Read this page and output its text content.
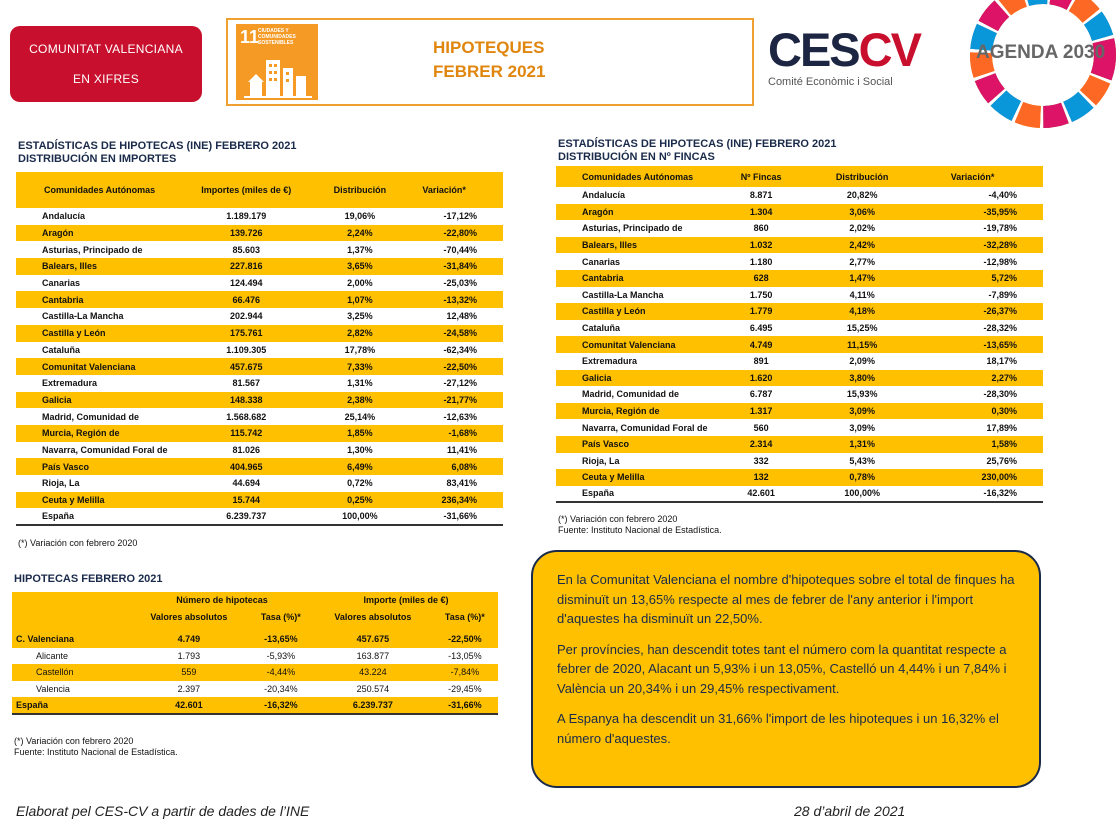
COMUNITAT VALENCIANA
EN XIFRES
11
CIUDADES Y COMUNIDADES SOSTENIBLES	HIPOTEQUES
FEBRER 2021	CESCV
Comité Econòmic i Social
AGENDA 2030
ESTADÍSTICAS DE HIPOTECAS (INE) FEBRERO 2021
DISTRIBUCIÓN EN IMPORTES
Comunidades Autónomas	Importes (miles de €)	Distribución	Variación*
Andalucía	1.189.179	19,06%	-17,12%
Aragón	139.726	2,24%	-22,80%
Asturias, Principado de	85.603	1,37%	-70,44%
Balears, Illes	227.816	3,65%	-31,84%
Canarias	124.494	2,00%	-25,03%
Cantabria	66.476	1,07%	-13,32%
Castilla-La Mancha	202.944	3,25%	12,48%
Castilla y León	175.761	2,82%	-24,58%
Cataluña	1.109.305	17,78%	-62,34%
Comunitat Valenciana	457.675	7,33%	-22,50%
Extremadura	81.567	1,31%	-27,12%
Galicia	148.338	2,38%	-21,77%
Madrid, Comunidad de	1.568.682	25,14%	-12,63%
Murcia, Región de	115.742	1,85%	-1,68%
Navarra, Comunidad Foral de	81.026	1,30%	11,41%
País Vasco	404.965	6,49%	6,08%
Rioja, La	44.694	0,72%	83,41%
Ceuta y Melilla	15.744	0,25%	236,34%
España	6.239.737	100,00%	-31,66%
(*) Variación con febrero 2020
ESTADÍSTICAS DE HIPOTECAS (INE) FEBRERO 2021
DISTRIBUCIÓN EN Nº FINCAS
Comunidades Autónomas	Nº Fincas	Distribución	Variación*
Andalucía	8.871	20,82%	-4,40%
Aragón	1.304	3,06%	-35,95%
Asturias, Principado de	860	2,02%	-19,78%
Balears, Illes	1.032	2,42%	-32,28%
Canarias	1.180	2,77%	-12,98%
Cantabria	628	1,47%	5,72%
Castilla-La Mancha	1.750	4,11%	-7,89%
Castilla y León	1.779	4,18%	-26,37%
Cataluña	6.495	15,25%	-28,32%
Comunitat Valenciana	4.749	11,15%	-13,65%
Extremadura	891	2,09%	18,17%
Galicia	1.620	3,80%	2,27%
Madrid, Comunidad de	6.787	15,93%	-28,30%
Murcia, Región de	1.317	3,09%	0,30%
Navarra, Comunidad Foral de	560	3,09%	17,89%
País Vasco	2.314	1,31%	1,58%
Rioja, La	332	5,43%	25,76%
Ceuta y Melilla	132	0,78%	230,00%
España	42.601	100,00%	-16,32%
(*) Variación con febrero 2020
Fuente: Instituto Nacional de Estadística.
HIPOTECAS FEBRERO 2021
	Número de hipotecas		Importe (miles de €)	
	Valores absolutos	Tasa (%)*	Valores absolutos	Tasa (%)*

C. Valenciana	4.749	-13,65%	457.675	-22,50%
Alicante	1.793	-5,93%	163.877	-13,05%
Castellón	559	-4,44%	43.224	-7,84%
Valencia	2.397	-20,34%	250.574	-29,45%
España	42.601	-16,32%	6.239.737	-31,66%
(*) Variación con febrero 2020
Fuente: Instituto Nacional de Estadística.

En la Comunitat Valenciana el nombre d'hipoteques sobre el total de finques ha disminuït un 13,65% respecte al mes de febrer de l'any anterior i l'import d'aquestes ha disminuït un 22,50%.

Per províncies, han descendit totes tant el número com la quantitat respecte a febrer de 2020, Alacant un 5,93% i un 13,05%, Castelló un 4,44% i un 7,84% i València un 20,34% i un 29,45% respectivament.

A Espanya ha descendit un 31,66% l'import de les hipoteques i un 16,32% el número d'aquestes.

Elaborat pel CES-CV a partir de dades de l’INE	28 d’abril de 2021
